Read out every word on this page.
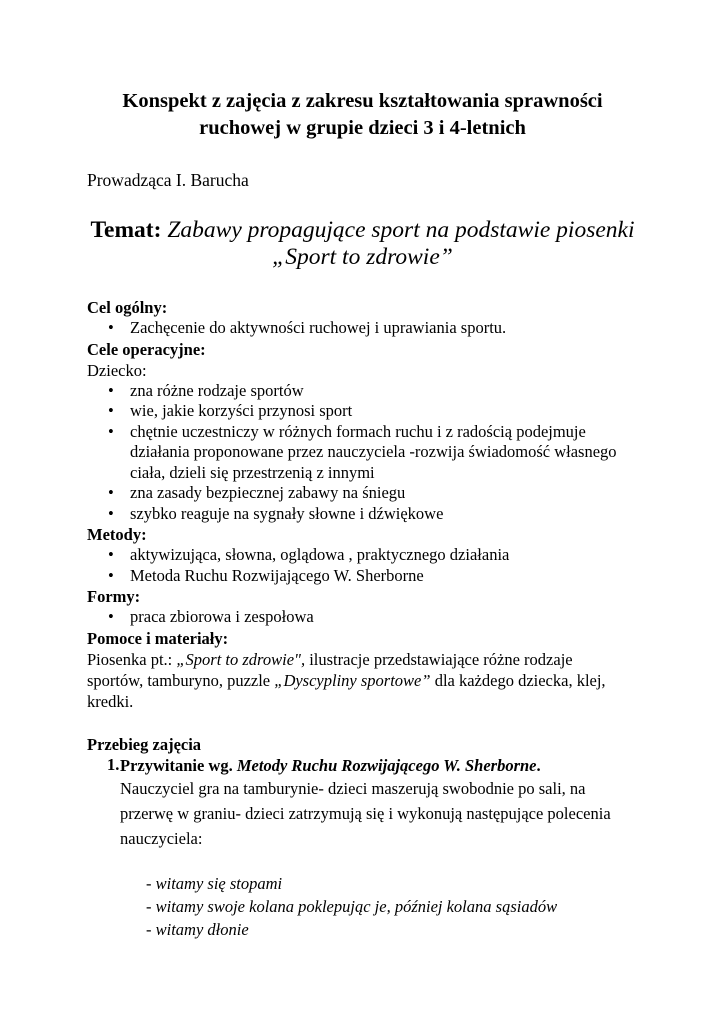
Konspekt z zajęcia z zakresu kształtowania sprawności
ruchowej w grupie dzieci 3 i 4-letnich
Prowadząca I. Barucha
Temat: Zabawy propagujące sport na podstawie piosenki
„Sport to zdrowie”
Cel ogólny:
• Zachęcenie do aktywności ruchowej i uprawiania sportu.
Cele operacyjne:
Dziecko:
• zna różne rodzaje sportów
• wie, jakie korzyści przynosi sport
• chętnie uczestniczy w różnych formach ruchu i z radością podejmuje
działania proponowane przez nauczyciela -rozwija świadomość własnego
ciała, dzieli się przestrzenią z innymi
• zna zasady bezpiecznej zabawy na śniegu
• szybko reaguje na sygnały słowne i dźwiękowe
Metody:
• aktywizująca, słowna, oglądowa , praktycznego działania
• Metoda Ruchu Rozwijającego W. Sherborne
Formy:
• praca zbiorowa i zespołowa
Pomoce i materiały:
Piosenka pt.: „Sport to zdrowie", ilustracje przedstawiające różne rodzaje
sportów, tamburyno, puzzle „Dyscypliny sportowe” dla każdego dziecka, klej,
kredki.
Przebieg zajęcia
1. Przywitanie wg. Metody Ruchu Rozwijającego W. Sherborne.
Nauczyciel gra na tamburynie- dzieci maszerują swobodnie po sali, na
przerwę w graniu- dzieci zatrzymują się i wykonują następujące polecenia
nauczyciela:
- witamy się stopami
- witamy swoje kolana poklepując je, później kolana sąsiadów
- witamy dłonie
